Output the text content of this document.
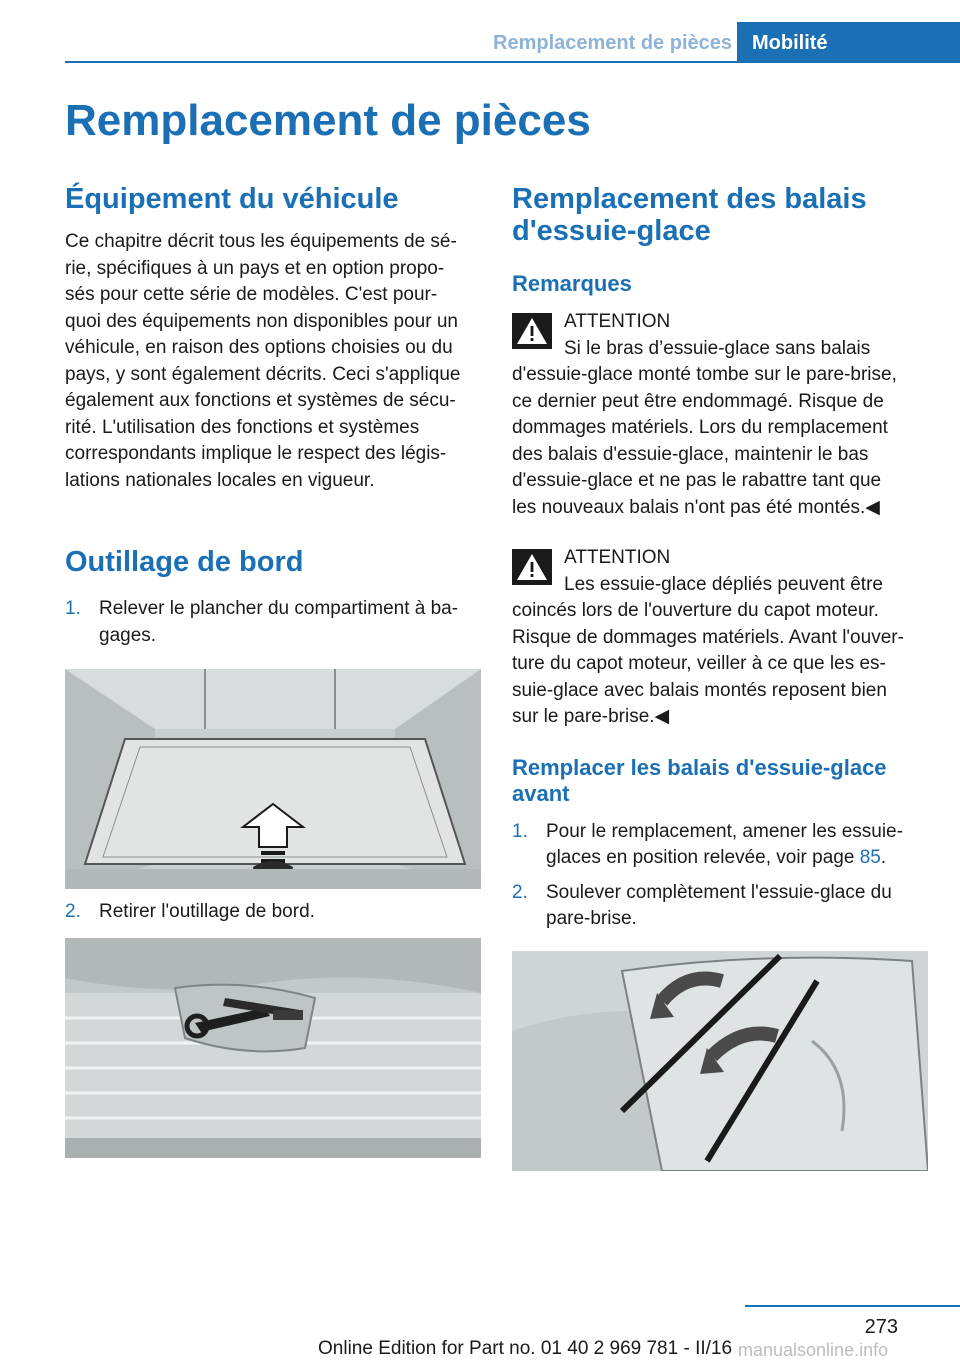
Remplacement de pièces	Mobilité
Remplacement de pièces
Équipement du véhicule

Ce chapitre décrit tous les équipements de sé‐
rie, spécifiques à un pays et en option propo‐
sés pour cette série de modèles. C'est pour‐
quoi des équipements non disponibles pour un
véhicule, en raison des options choisies ou du
pays, y sont également décrits. Ceci s'applique
également aux fonctions et systèmes de sécu‐
rité. L'utilisation des fonctions et systèmes
correspondants implique le respect des légis‐
lations nationales locales en vigueur.

Outillage de bord
1. Relever le plancher du compartiment à ba‐
gages.
2. Retirer l'outillage de bord.
Remplacement des balais
d'essuie-glace
Remarques
ATTENTION
Si le bras d’essuie-glace sans balais
d'essuie-glace monté tombe sur le pare-brise,
ce dernier peut être endommagé. Risque de
dommages matériels. Lors du remplacement
des balais d'essuie-glace, maintenir le bas
d'essuie-glace et ne pas le rabattre tant que
les nouveaux balais n'ont pas été montés.◀
ATTENTION
Les essuie-glace dépliés peuvent être
coincés lors de l'ouverture du capot moteur.
Risque de dommages matériels. Avant l'ouver‐
ture du capot moteur, veiller à ce que les es‐
suie-glace avec balais montés reposent bien
sur le pare-brise.◀
Remplacer les balais d'essuie-glace
avant
1. Pour le remplacement, amener les essuie‐
glaces en position relevée, voir page 85.
2. Soulever complètement l'essuie-glace du
pare-brise.
273
Online Edition for Part no. 01 40 2 969 781 - II/16 manualsonline.info
